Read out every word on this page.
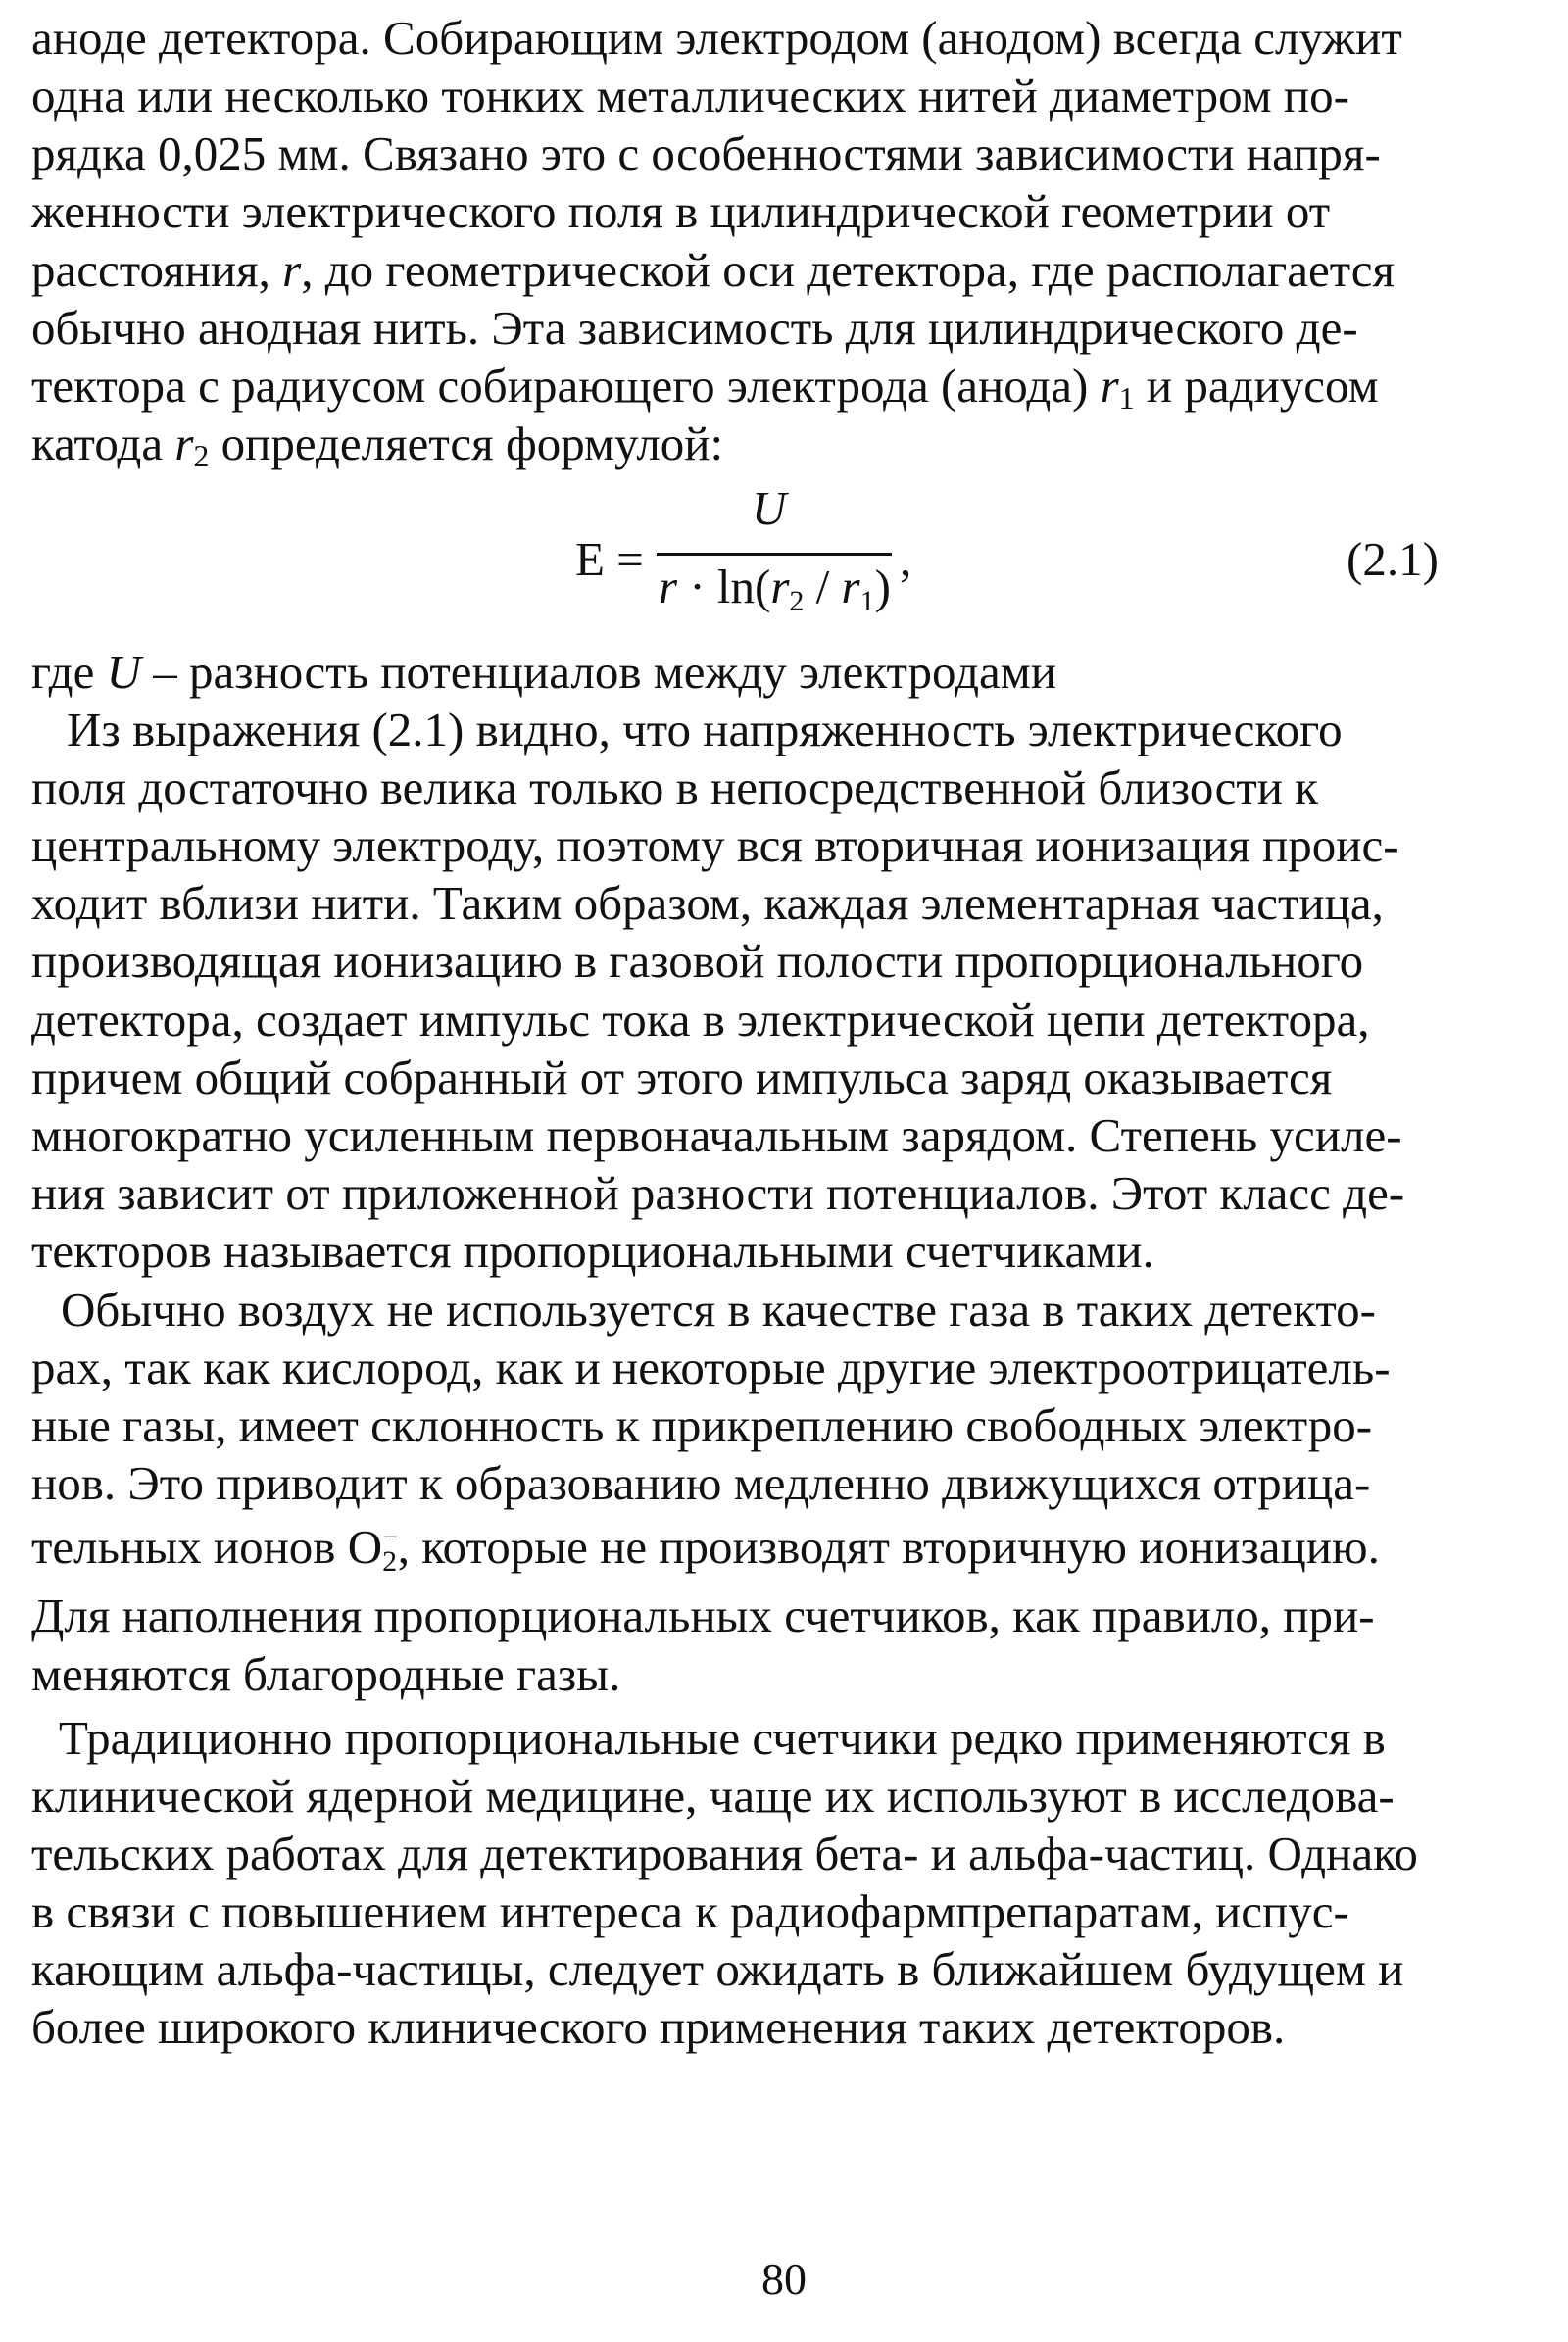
аноде детектора. Собирающим электродом (анодом) всегда служит
одна или несколько тонких металлических нитей диаметром по-
рядка 0,025 мм. Связано это с особенностями зависимости напря-
женности электрического поля в цилиндрической геометрии от
расстояния, r, до геометрической оси детектора, где располагается
обычно анодная нить. Эта зависимость для цилиндрического де-
тектора с радиусом собирающего электрода (анода) $r_1$ и радиусом
катода $r_2$ определяется формулой:
E =
U
$r \cdot \ln(r_2 / r_1)$
,	(2.1)
где U – разность потенциалов между электродами
Из выражения (2.1) видно, что напряженность электрического
поля достаточно велика только в непосредственной близости к
центральному электроду, поэтому вся вторичная ионизация проис-
ходит вблизи нити. Таким образом, каждая элементарная частица,
производящая ионизацию в газовой полости пропорционального
детектора, создает импульс тока в электрической цепи детектора,
причем общий собранный от этого импульса заряд оказывается
многократно усиленным первоначальным зарядом. Степень усиле-
ния зависит от приложенной разности потенциалов. Этот класс де-
текторов называется пропорциональными счетчиками.
Обычно воздух не используется в качестве газа в таких детекто-
рах, так как кислород, как и некоторые другие электроотрицатель-
ные газы, имеет склонность к прикреплению свободных электро-
нов. Это приводит к образованию медленно движущихся отрица-
тельных ионов $O_2^-$, которые не производят вторичную ионизацию.
Для наполнения пропорциональных счетчиков, как правило, при-
меняются благородные газы.
Традиционно пропорциональные счетчики редко применяются в
клинической ядерной медицине, чаще их используют в исследова-
тельских работах для детектирования бета- и альфа-частиц. Однако
в связи с повышением интереса к радиофармпрепаратам, испус-
кающим альфа-частицы, следует ожидать в ближайшем будущем и
более широкого клинического применения таких детекторов.
80
